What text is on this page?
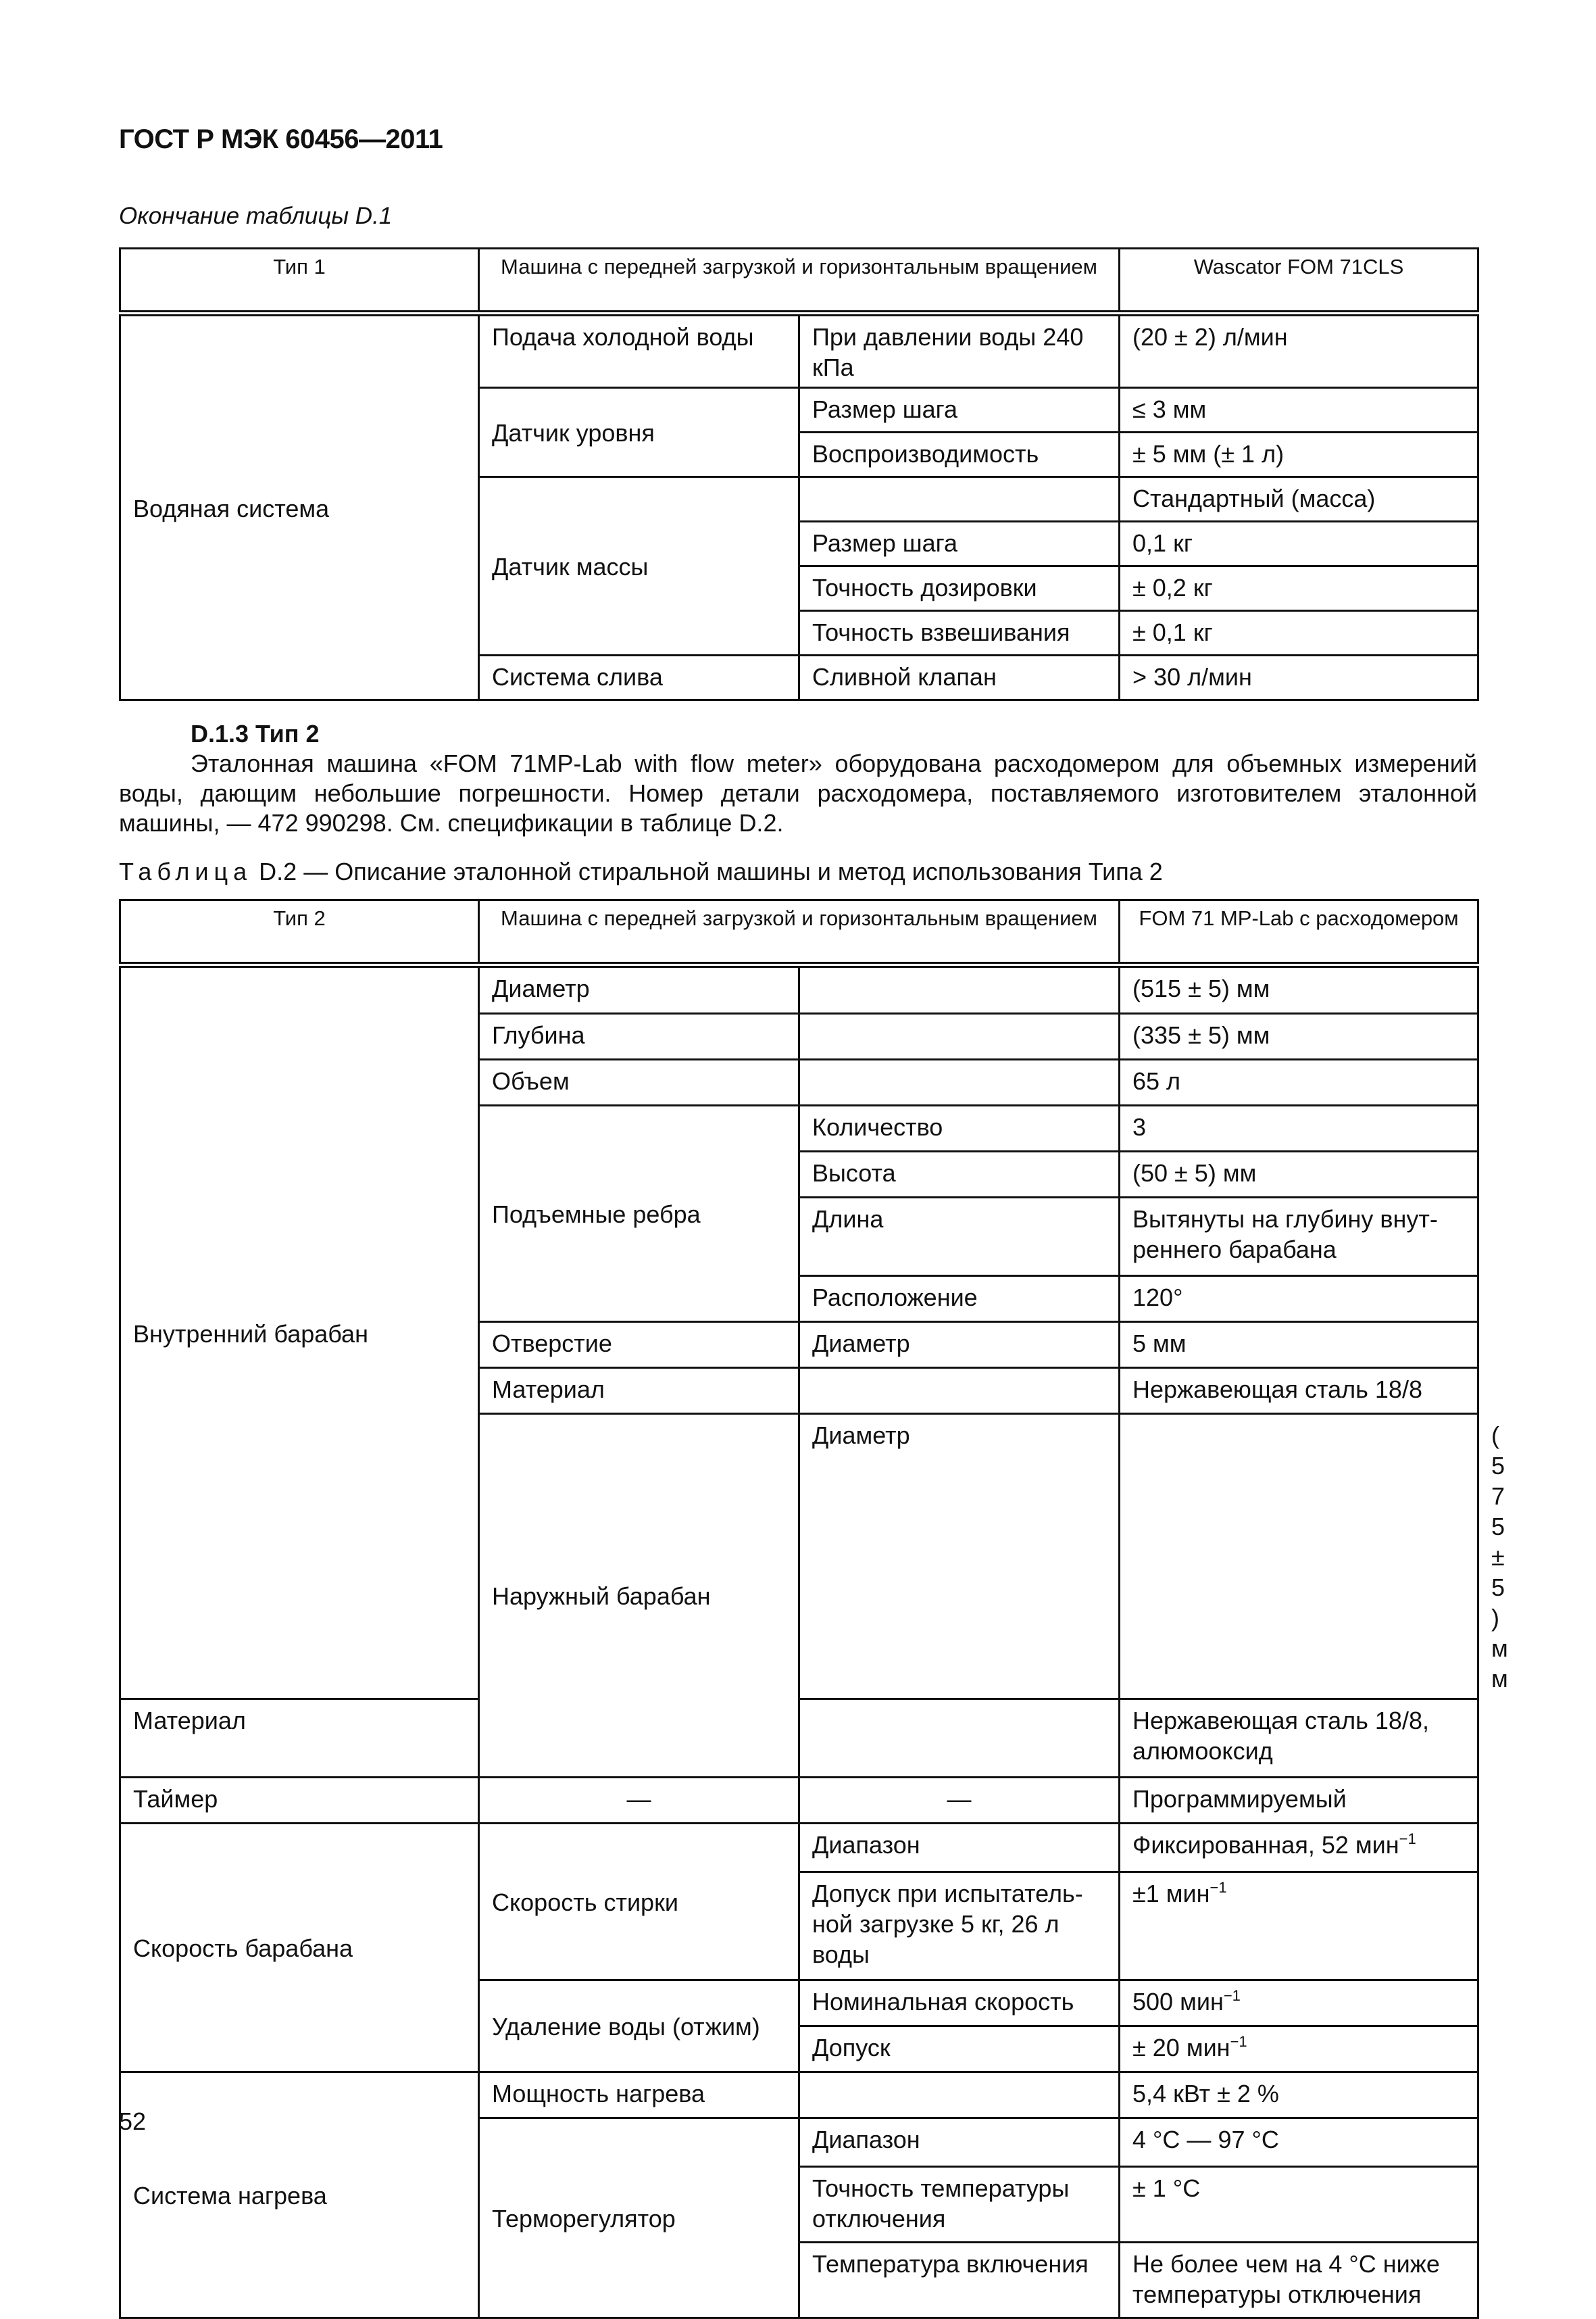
ГОСТ Р МЭК 60456—2011
Окончание таблицы D.1
Тип 1	Машина с передней загрузкой и горизонтальным вращением		Wascator FOM 71CLS
Водяная система	Подача холодной воды	При давлении воды 240 кПа	(20 ± 2) л/мин
	Датчик уровня	Размер шага	≤ 3 мм
		Воспроизводимость	± 5 мм (± 1 л)
	Датчик массы		Стандартный (масса)
		Размер шага	0,1 кг
		Точность дозировки	± 0,2 кг
		Точность взвешивания	± 0,1 кг
	Система слива	Сливной клапан	> 30 л/мин
D.1.3 Тип 2
Эталонная машина «FOM 71MP-Lab with flow meter» оборудована расходомером для объемных измерений воды, дающим небольшие погрешности. Номер детали расходомера, поставляемого изготовителем эталонной машины, — 472 990298. См. спецификации в таблице D.2.
Таблица D.2 — Описание эталонной стиральной машины и метод использования Типа 2
Тип 2	Машина с передней загрузкой и горизонтальным вращением		FOM 71 MP-Lab с расходомером	
Внутренний барабан	Диаметр		(515 ± 5) мм	
	Глубина		(335 ± 5) мм	
	Объем		65 л	
	Подъемные ребра	Количество	3	
		Высота	(50 ± 5) мм	
		Длина	Вытянуты на глубину внут-реннего барабана	
		Расположение	120°	
	Отверстие	Диаметр	5 мм	
	Материал		Нержавеющая сталь 18/8	
	Наружный барабан	Диаметр		(575 ± 5) мм
Материал			Нержавеющая сталь 18/8, алюмооксид	
Таймер	—	—	Программируемый	
Скорость барабана	Скорость стирки	Диапазон	Фиксированная, 52 мин$^{-1}$
		Допуск при испытатель-ной загрузке 5 кг, 26 л воды	±1 мин$^{-1}$
	Удаление воды (отжим)	Номинальная скорость	500 мин$^{-1}$
		Допуск	± 20 мин$^{-1}$
Система нагрева	Мощность нагрева		5,4 кВт ± 2 %	
	Терморегулятор	Диапазон	4 °С — 97 °С	
		Точность температуры отключения	± 1 °С	
		Температура включения	Не более чем на 4 °С ниже температуры отключения	
52
